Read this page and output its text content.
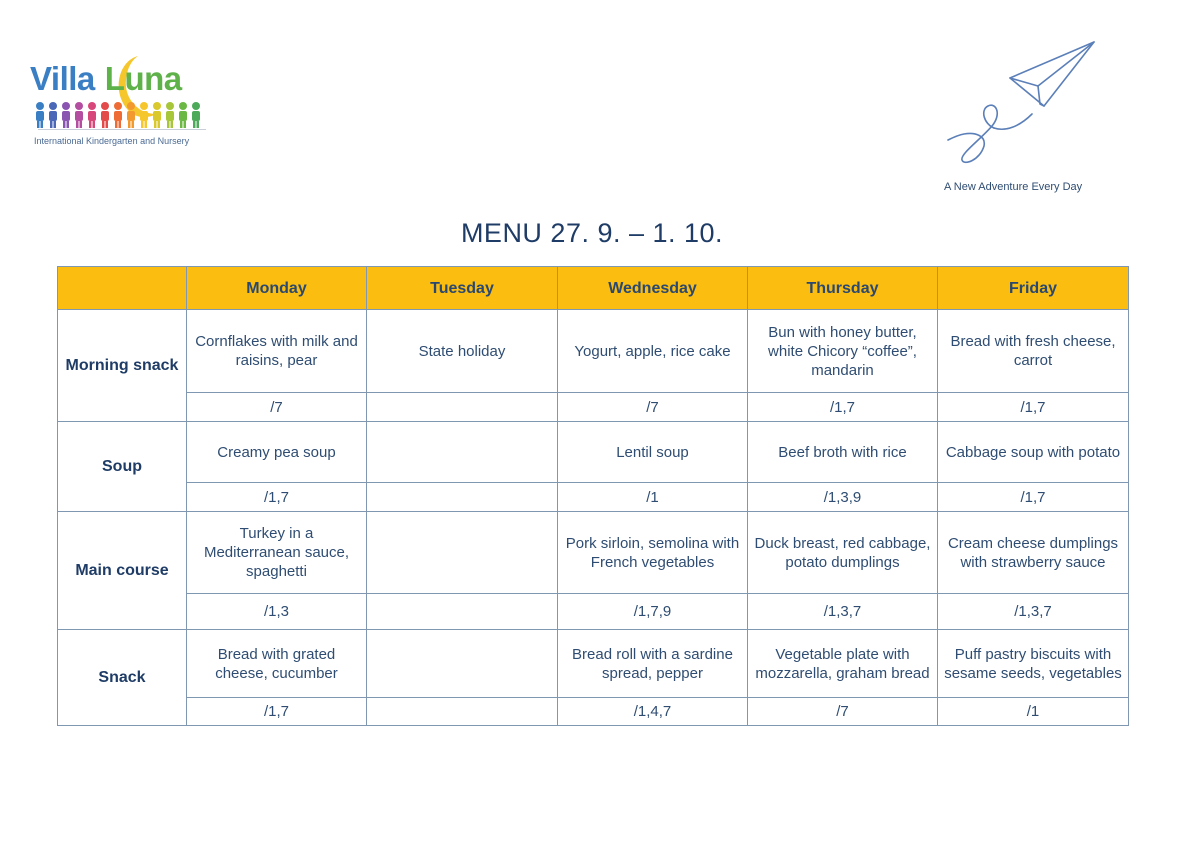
Villa Luna
International Kindergarten and Nursery
A New Adventure Every Day
MENU 27. 9. – 1. 10.
	Monday	Tuesday	Wednesday	Thursday	Friday
Morning snack	Cornflakes with milk and raisins, pear	State holiday	Yogurt, apple, rice cake	Bun with honey butter, white Chicory “coffee”, mandarin	Bread with fresh cheese, carrot
	/7		/7	/1,7	/1,7
Soup	Creamy pea soup		Lentil soup	Beef broth with rice	Cabbage soup with potato
	/1,7		/1	/1,3,9	/1,7
Main course	Turkey in a Mediterranean sauce, spaghetti		Pork sirloin, semolina with French vegetables	Duck breast, red cabbage, potato dumplings	Cream cheese dumplings with strawberry sauce
	/1,3		/1,7,9	/1,3,7	/1,3,7
Snack	Bread with grated cheese, cucumber		Bread roll with a sardine spread, pepper	Vegetable plate with mozzarella, graham bread	Puff pastry biscuits with sesame seeds, vegetables
	/1,7		/1,4,7	/7	/1
